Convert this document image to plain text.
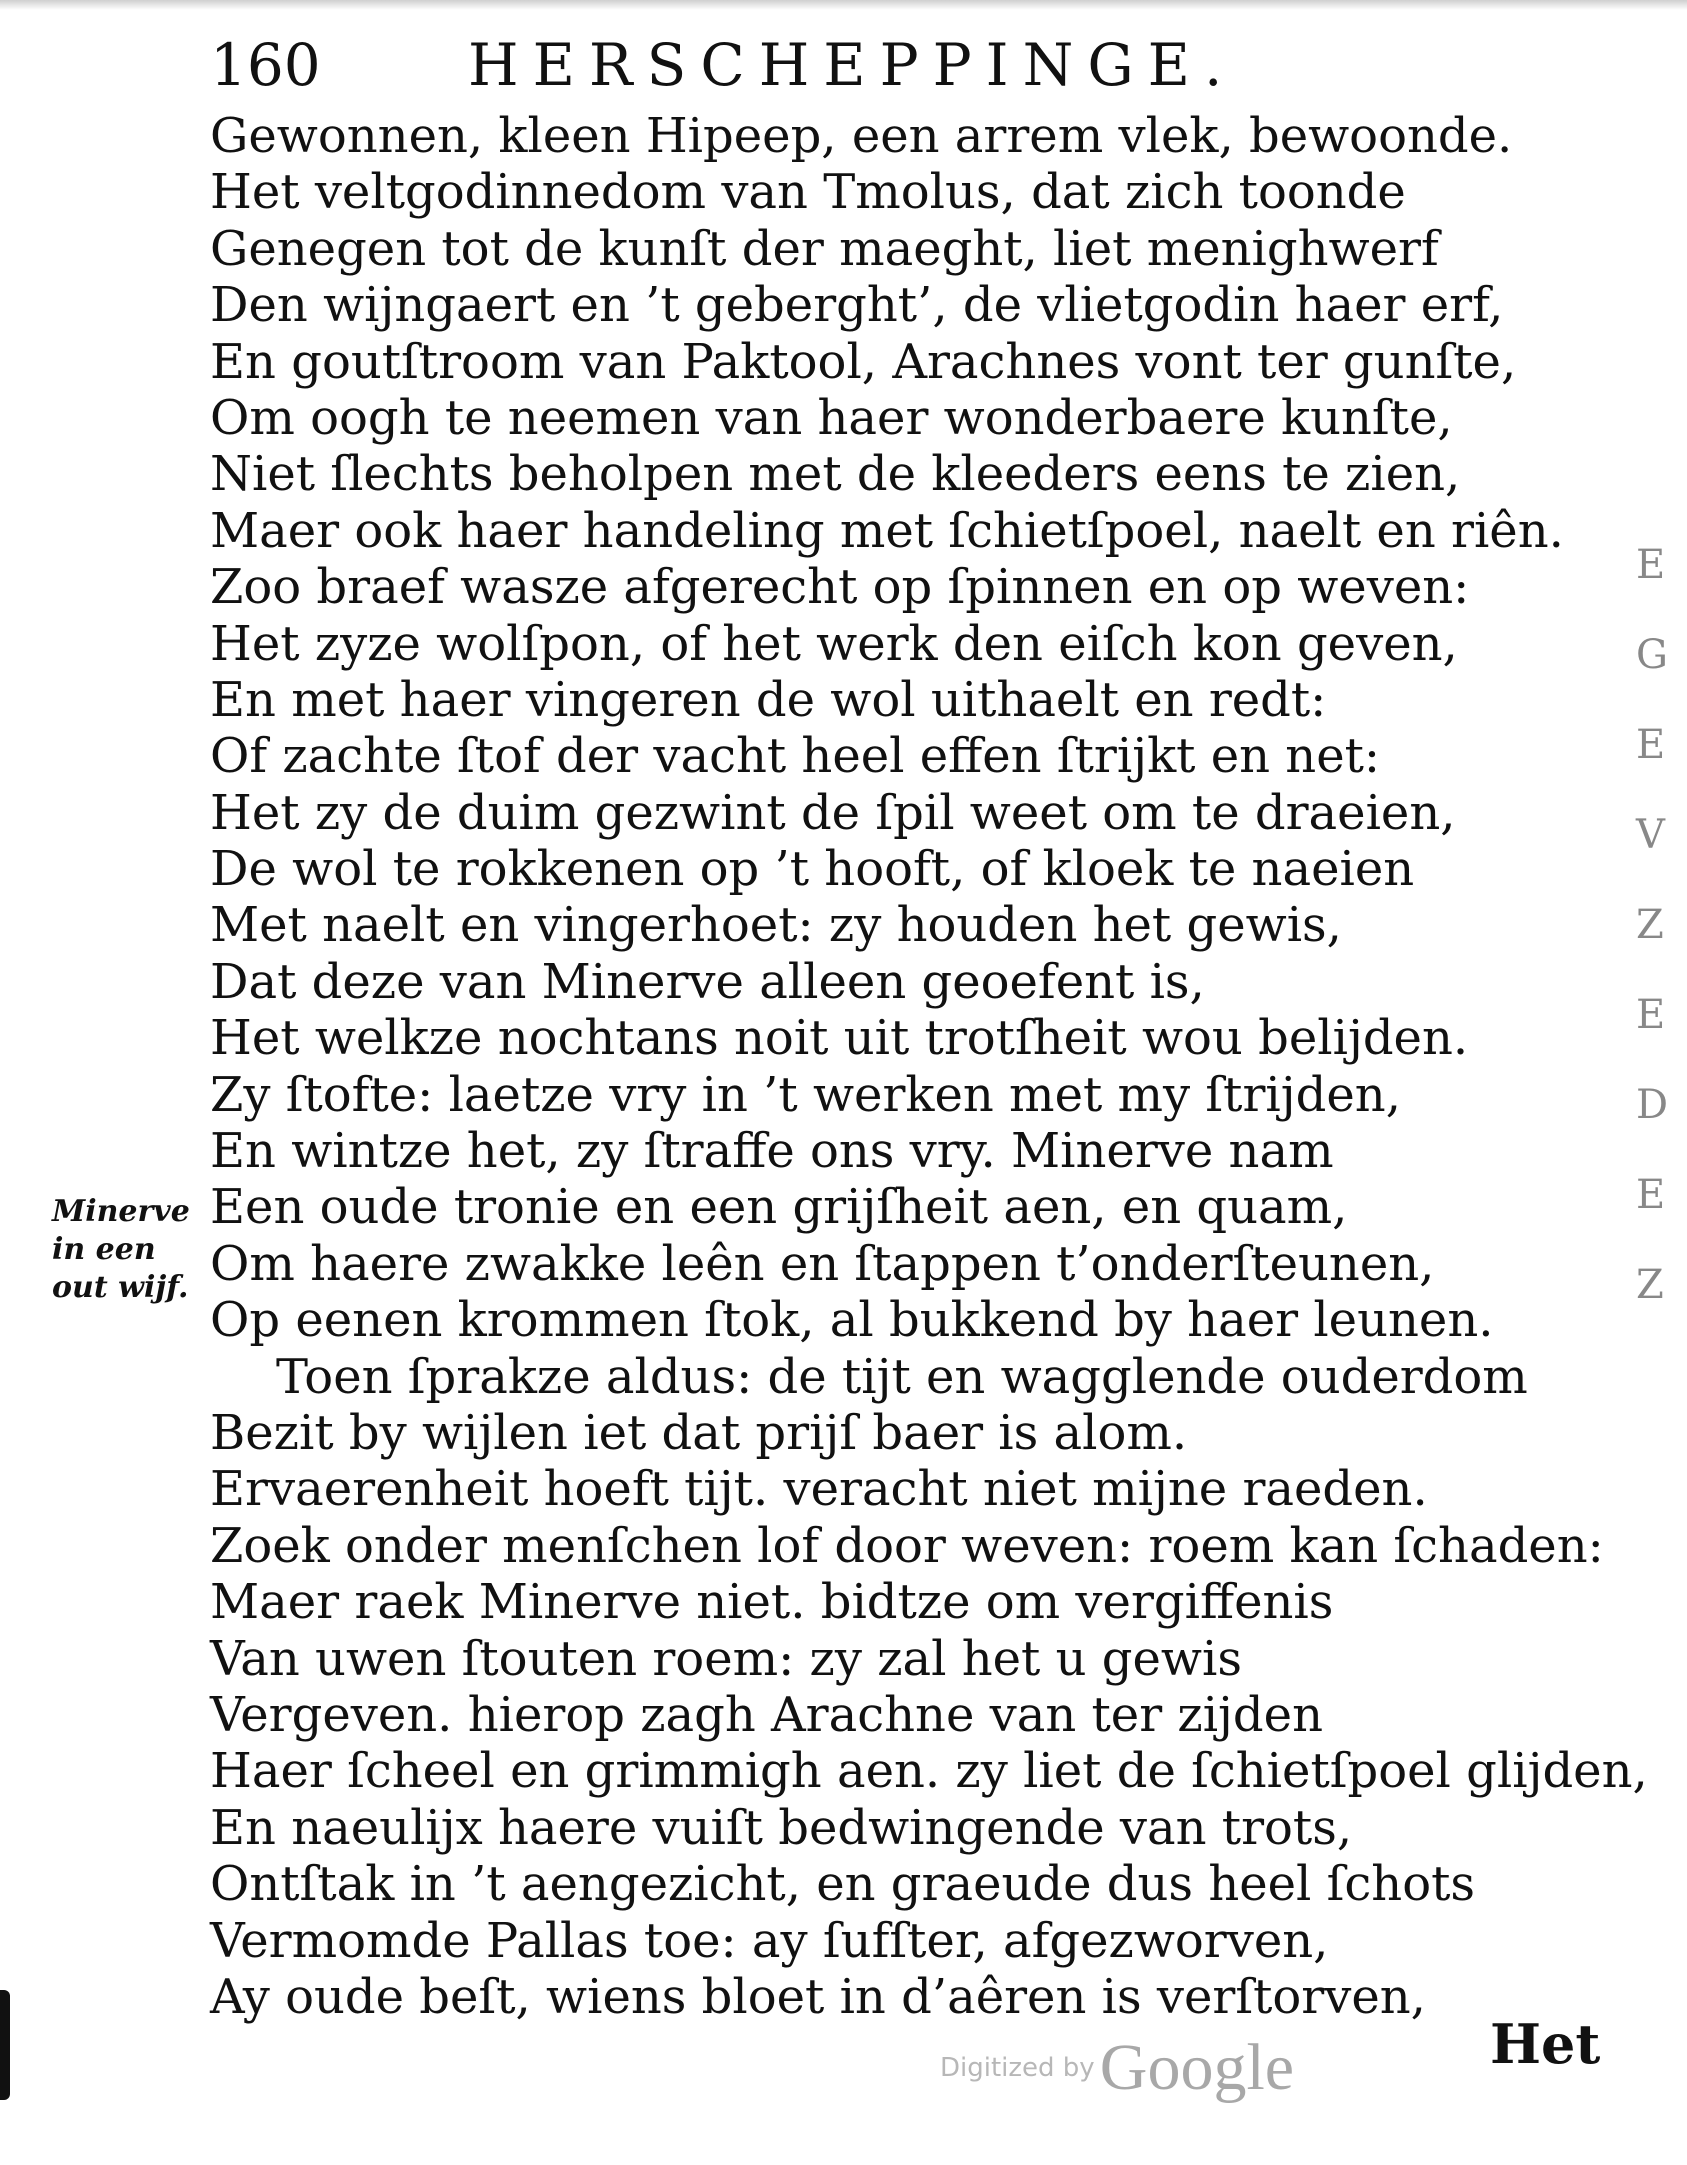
160	HERSCHEPPINGE.
Gewonnen, kleen Hipeep, een arrem vlek, bewoonde.
Het veltgodinnedom van Tmolus, dat zich toonde
Genegen tot de kunſt der maeght, liet menighwerf
Den wijngaert en ’t geberght’, de vlietgodin haer erf,
En goutſtroom van Paktool, Arachnes vont ter gunſte,
Om oogh te neemen van haer wonderbaere kunſte,
Niet ſlechts beholpen met de kleeders eens te zien,
Maer ook haer handeling met ſchietſpoel, naelt en riên.
Zoo braef wasze afgerecht op ſpinnen en op weven:
Het zyze wolſpon, of het werk den eiſch kon geven,
En met haer vingeren de wol uithaelt en redt:
Of zachte ſtof der vacht heel effen ſtrijkt en net:
Het zy de duim gezwint de ſpil weet om te draeien,
De wol te rokkenen op ’t hooft, of kloek te naeien
Met naelt en vingerhoet: zy houden het gewis,
Dat deze van Minerve alleen geoefent is,
Het welkze nochtans noit uit trotſheit wou belijden.
Zy ſtofte: laetze vry in ’t werken met my ſtrijden,
En wintze het, zy ſtraffe ons vry. Minerve nam
Een oude tronie en een grijſheit aen, en quam,
Om haere zwakke leên en ſtappen t’onderſteunen,
Op eenen krommen ſtok, al bukkend by haer leunen.
Toen ſprakze aldus: de tijt en wagglende ouderdom
Bezit by wijlen iet dat prijſ baer is alom.
Ervaerenheit hoeft tijt. veracht niet mijne raeden.
Zoek onder menſchen lof door weven: roem kan ſchaden:
Maer raek Minerve niet. bidtze om vergiffenis
Van uwen ſtouten roem: zy zal het u gewis
Vergeven. hierop zagh Arachne van ter zijden
Haer ſcheel en grimmigh aen. zy liet de ſchietſpoel glijden,
En naeulijx haere vuiſt bedwingende van trots,
Ontſtak in ’t aengezicht, en graeude dus heel ſchots
Vermomde Pallas toe: ay ſufſter, afgezworven,
Ay oude beſt, wiens bloet in d’aêren is verſtorven,
Minerve
in een
out wijf.
Het
Digitized by Google
E
G
E
V
Z
E
D
E
Z
